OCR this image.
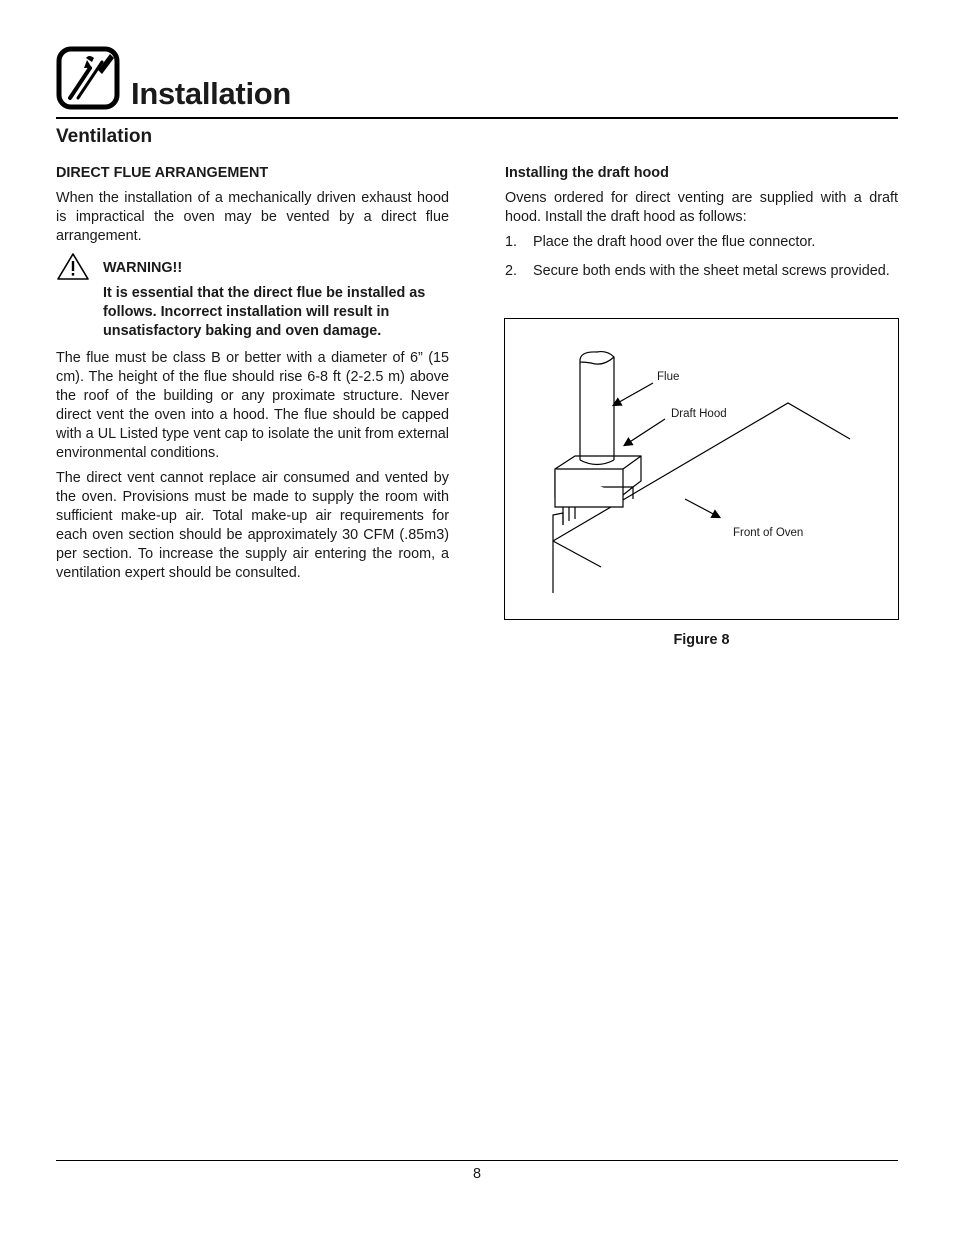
Installation
Ventilation
DIRECT FLUE ARRANGEMENT

When the installation of a mechanically driven exhaust hood is impractical the oven may be vented by a direct flue arrangement.

WARNING!!
It is essential that the direct flue be installed as follows. Incorrect installation will result in unsatisfactory baking and oven damage.

The flue must be class B or better with a diameter of 6” (15 cm). The height of the flue should rise 6-8 ft (2-2.5 m) above the roof of the building or any proximate structure. Never direct vent the oven into a hood. The flue should be capped with a UL Listed type vent cap to isolate the unit from external environmental conditions.

The direct vent cannot replace air consumed and vented by the oven. Provisions must be made to supply the room with sufficient make-up air. Total make-up air requirements for each oven section should be approximately 30 CFM (.85m3) per section. To increase the supply air entering the room, a ventilation expert should be consulted.

Installing the draft hood

Ovens ordered for direct venting are supplied with a draft hood. Install the draft hood as follows:

1. Place the draft hood over the flue connector.
2. Secure both ends with the sheet metal screws provided.
Flue
Draft Hood
Front of Oven
Figure 8
8
